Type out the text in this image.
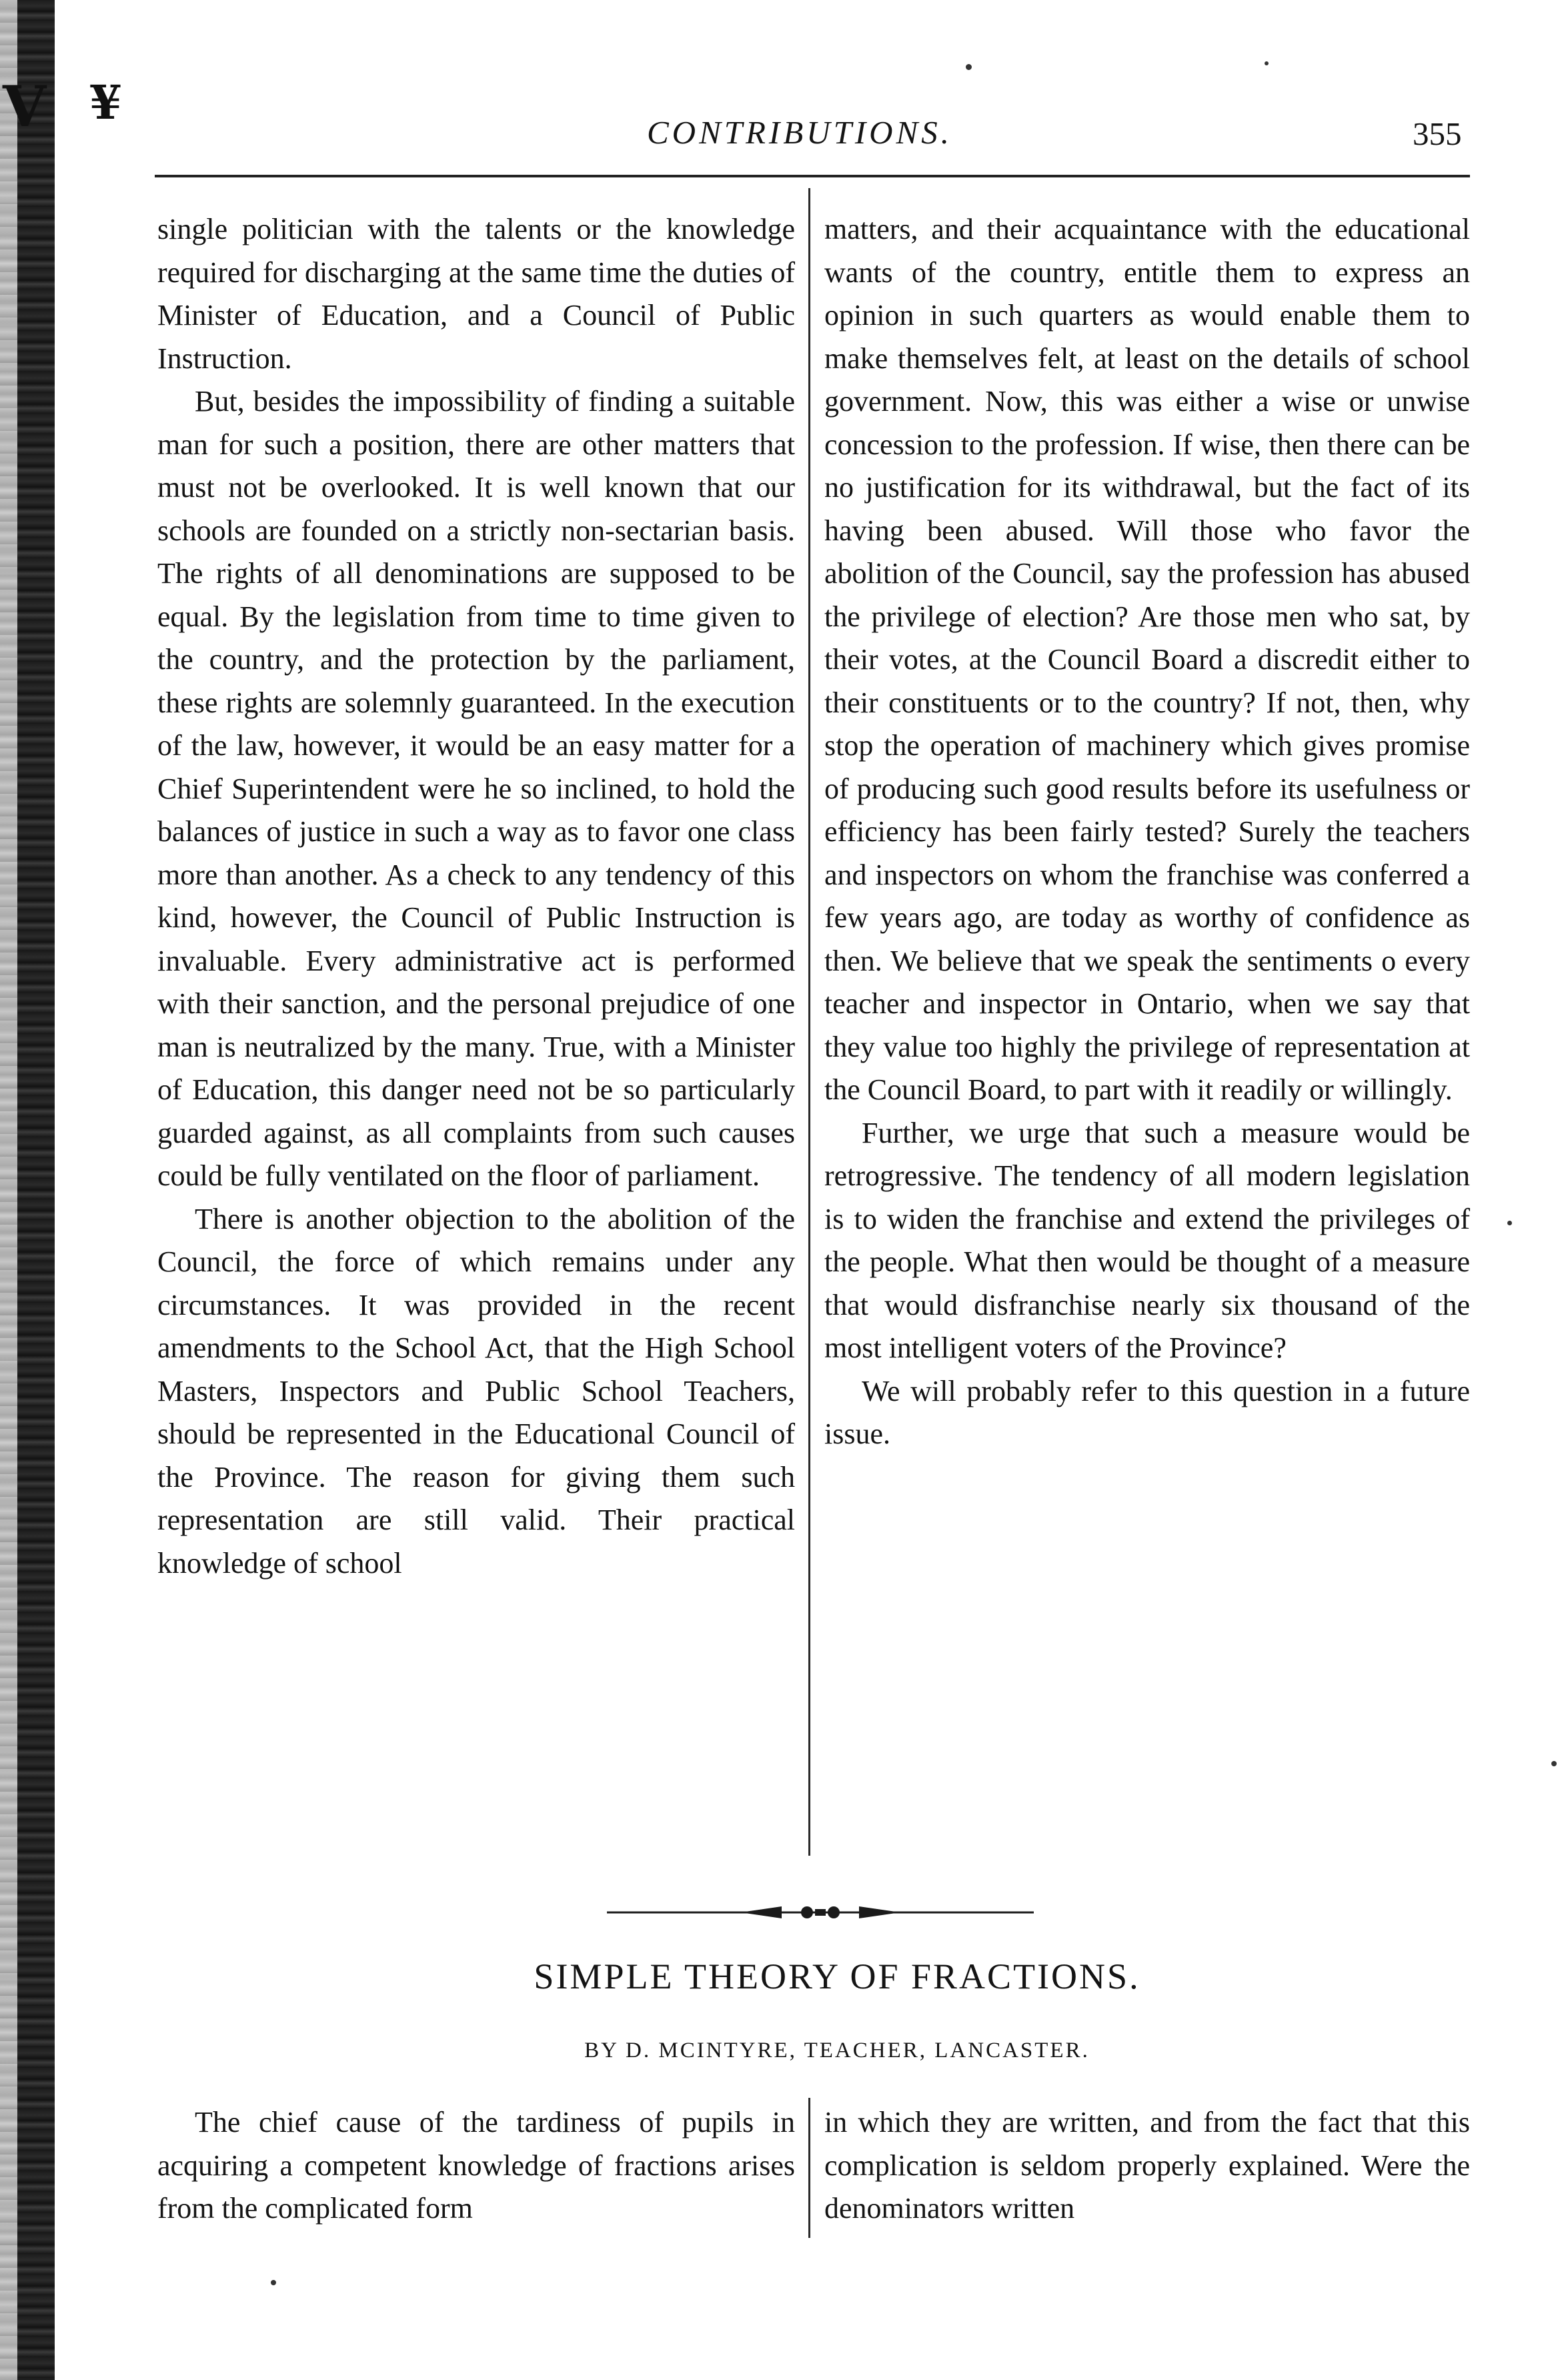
V ¥
CONTRIBUTIONS.	355

single politician with the talents or the knowledge required for discharging at the same time the duties of Minister of Education, and a Council of Public Instruction.

But, besides the impossibility of finding a suitable man for such a position, there are other matters that must not be overlooked. It is well known that our schools are founded on a strictly non-sectarian basis. The rights of all denominations are supposed to be equal. By the legislation from time to time given to the country, and the protection by the parliament, these rights are solemnly guaranteed. In the execution of the law, however, it would be an easy matter for a Chief Superintendent were he so inclined, to hold the balances of justice in such a way as to favor one class more than another. As a check to any tendency of this kind, however, the Council of Public Instruction is invaluable. Every administrative act is performed with their sanction, and the personal prejudice of one man is neutralized by the many. True, with a Minister of Education, this danger need not be so particularly guarded against, as all complaints from such causes could be fully ventilated on the floor of parliament.

There is another objection to the abolition of the Council, the force of which remains under any circumstances. It was provided in the recent amendments to the School Act, that the High School Masters, Inspectors and Public School Teachers, should be represented in the Educational Council of the Province. The reason for giving them such representation are still valid. Their practical knowledge of school

matters, and their acquaintance with the educational wants of the country, entitle them to express an opinion in such quarters as would enable them to make themselves felt, at least on the details of school government. Now, this was either a wise or unwise concession to the profession. If wise, then there can be no justification for its withdrawal, but the fact of its having been abused. Will those who favor the abolition of the Council, say the profession has abused the privilege of election? Are those men who sat, by their votes, at the Council Board a discredit either to their constituents or to the country? If not, then, why stop the operation of machinery which gives promise of producing such good results before its usefulness or efficiency has been fairly tested? Surely the teachers and inspectors on whom the franchise was conferred a few years ago, are today as worthy of confidence as then. We believe that we speak the sentiments o every teacher and inspector in Ontario, when we say that they value too highly the privilege of representation at the Council Board, to part with it readily or willingly.

Further, we urge that such a measure would be retrogressive. The tendency of all modern legislation is to widen the franchise and extend the privileges of the people. What then would be thought of a measure that would disfranchise nearly six thousand of the most intelligent voters of the Province?

We will probably refer to this question in a future issue.

SIMPLE THEORY OF FRACTIONS.
BY D. MCINTYRE, TEACHER, LANCASTER.

The chief cause of the tardiness of pupils in acquiring a competent knowledge of fractions arises from the complicated form

in which they are written, and from the fact that this complication is seldom properly explained. Were the denominators written
